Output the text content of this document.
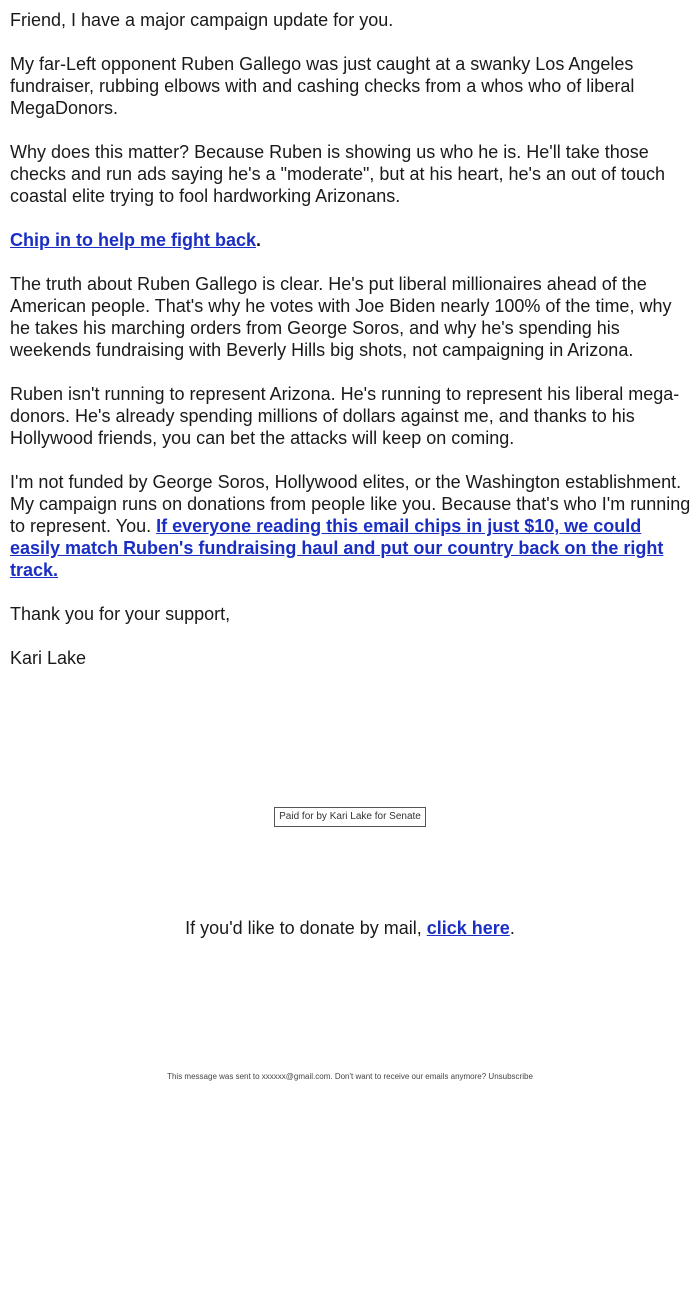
Friend, I have a major campaign update for you.

My far-Left opponent Ruben Gallego was just caught at a swanky Los Angeles fundraiser, rubbing elbows with and cashing checks from a whos who of liberal MegaDonors.

Why does this matter? Because Ruben is showing us who he is. He'll take those checks and run ads saying he's a "moderate", but at his heart, he's an out of touch coastal elite trying to fool hardworking Arizonans.

Chip in to help me fight back.

The truth about Ruben Gallego is clear. He's put liberal millionaires ahead of the American people. That's why he votes with Joe Biden nearly 100% of the time, why he takes his marching orders from George Soros, and why he's spending his weekends fundraising with Beverly Hills big shots, not campaigning in Arizona.

Ruben isn't running to represent Arizona. He's running to represent his liberal mega-donors. He's already spending millions of dollars against me, and thanks to his Hollywood friends, you can bet the attacks will keep on coming.

I'm not funded by George Soros, Hollywood elites, or the Washington establishment. My campaign runs on donations from people like you. Because that's who I'm running to represent. You. If everyone reading this email chips in just $10, we could easily match Ruben's fundraising haul and put our country back on the right track.

Thank you for your support,

Kari Lake

Paid for by Kari Lake for Senate
If you'd like to donate by mail, click here.
This message was sent to xxxxxx@gmail.com. Don't want to receive our emails anymore? Unsubscribe
